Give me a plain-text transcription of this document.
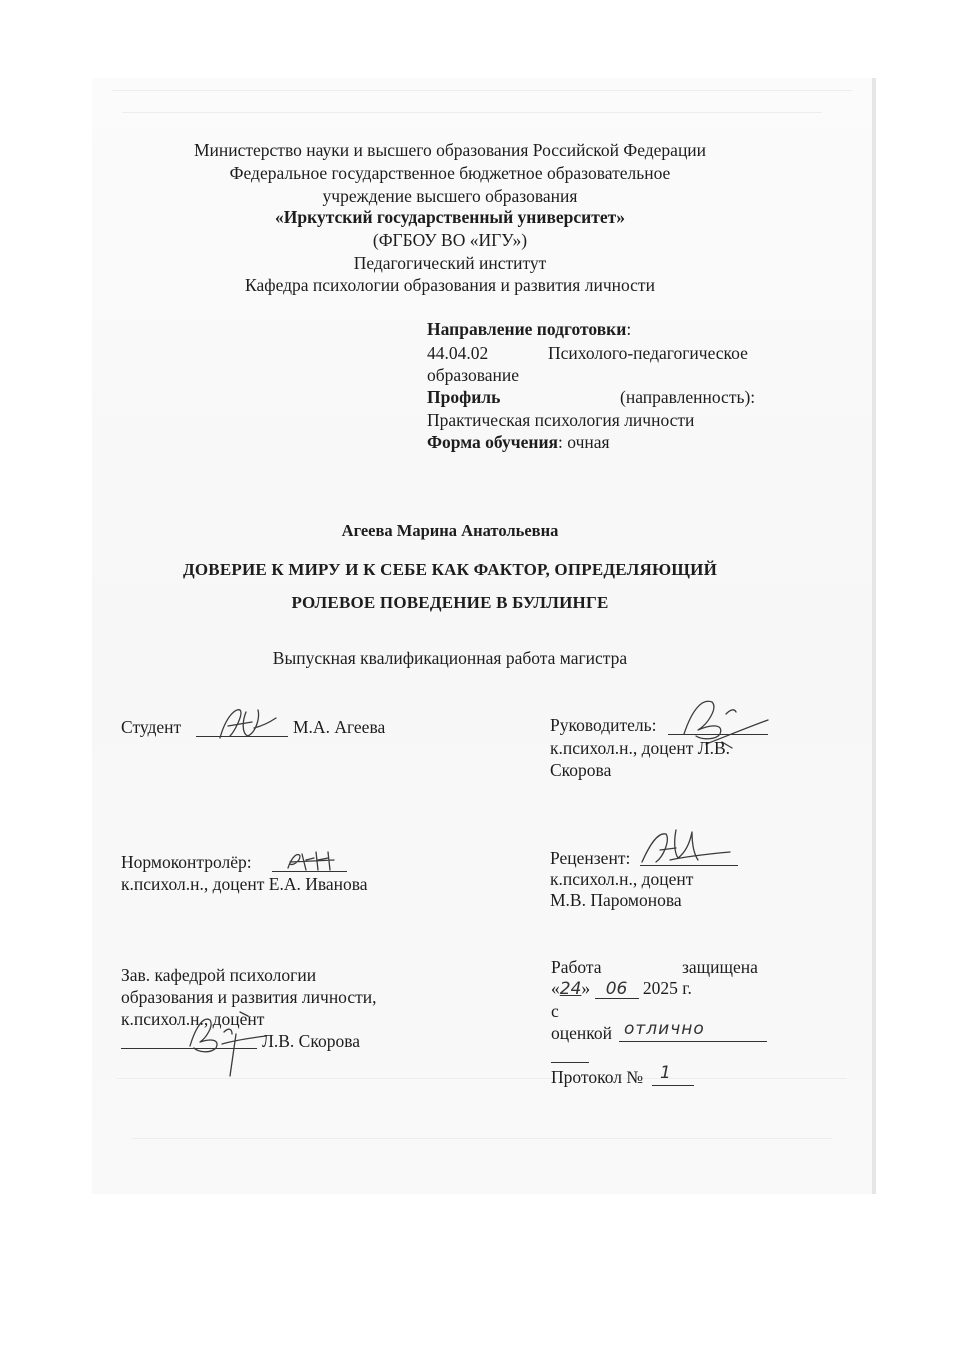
Министерство науки и высшего образования Российской Федерации
Федеральное государственное бюджетное образовательное
учреждение высшего образования
«Иркутский государственный университет»
(ФГБОУ ВО «ИГУ»)
Педагогический институт
Кафедра психологии образования и развития личности
Направление подготовки:
44.04.02	Психолого-педагогическое
образование
Профиль	(направленность):
Практическая психология личности
Форма обучения: очная
Агеева Марина Анатольевна
ДОВЕРИЕ К МИРУ И К СЕБЕ КАК ФАКТОР, ОПРЕДЕЛЯЮЩИЙ
РОЛЕВОЕ ПОВЕДЕНИЕ В БУЛЛИНГЕ
Выпускная квалификационная работа магистра
Студент	М.А. Агеева	Руководитель:
к.психол.н., доцент Л.В.
Скорова
Нормоконтролёр:
к.психол.н., доцент Е.А. Иванова
Рецензент:
к.психол.н., доцент
М.В. Паромонова
Зав. кафедрой психологии
образования и развития личности,
к.психол.н., доцент
Л.В. Скорова
Работа	защищена
«24» 06 2025 г.
с
оценкой отлично
Протокол № 1
